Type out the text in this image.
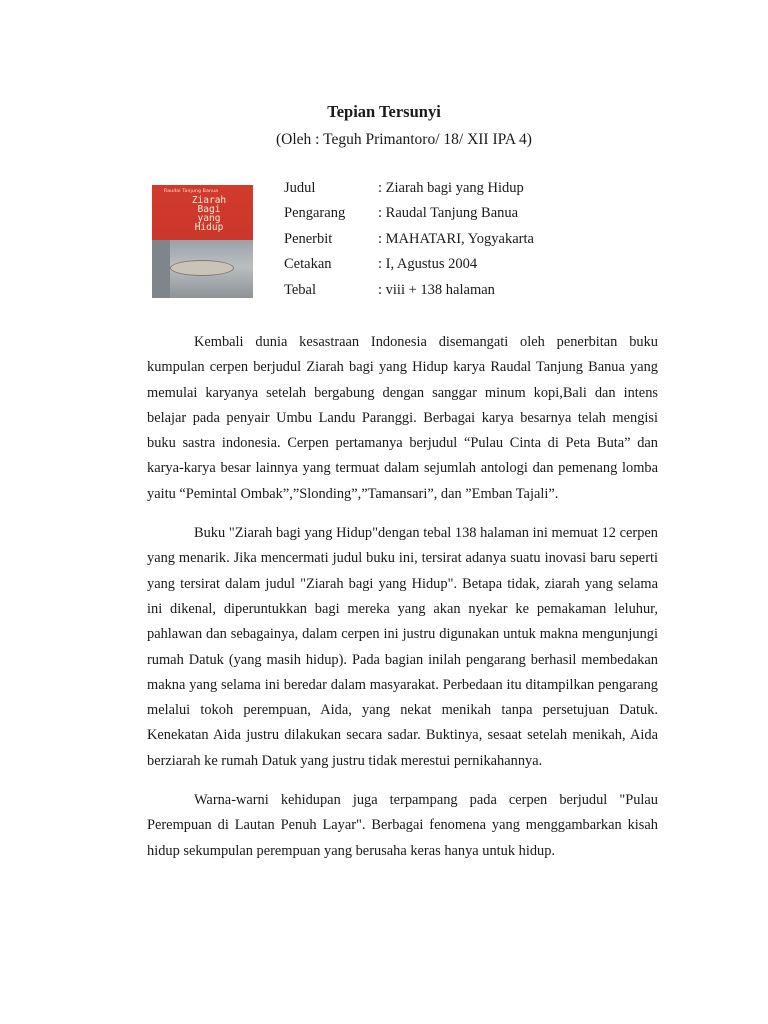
Tepian Tersunyi

(Oleh : Teguh Primantoro/ 18/ XII IPA 4)

Raudal Tanjung Banua
Ziarah
Bagi
yang
Hidup
Judul	: Ziarah bagi yang Hidup
Pengarang : Raudal Tanjung Banua
Penerbit	: MAHATARI, Yogyakarta
Cetakan	: I, Agustus 2004
Tebal	: viii + 138 halaman

Kembali dunia kesastraan Indonesia disemangati oleh penerbitan buku kumpulan cerpen berjudul Ziarah bagi yang Hidup karya Raudal Tanjung Banua yang memulai karyanya setelah bergabung dengan sanggar minum kopi,Bali dan intens belajar pada penyair Umbu Landu Paranggi. Berbagai karya besarnya telah mengisi buku sastra indonesia. Cerpen pertamanya berjudul “Pulau Cinta di Peta Buta” dan karya-karya besar lainnya yang termuat dalam sejumlah antologi dan pemenang lomba yaitu “Pemintal Ombak”,”Slonding”,”Tamansari”, dan ”Emban Tajali”.

Buku "Ziarah bagi yang Hidup"dengan tebal 138 halaman ini memuat 12 cerpen yang menarik. Jika mencermati judul buku ini, tersirat adanya suatu inovasi baru seperti yang tersirat dalam judul "Ziarah bagi yang Hidup". Betapa tidak, ziarah yang selama ini dikenal, diperuntukkan bagi mereka yang akan nyekar ke pemakaman leluhur, pahlawan dan sebagainya, dalam cerpen ini justru digunakan untuk makna mengunjungi rumah Datuk (yang masih hidup). Pada bagian inilah pengarang berhasil membedakan makna yang selama ini beredar dalam masyarakat. Perbedaan itu ditampilkan pengarang melalui tokoh perempuan, Aida, yang nekat menikah tanpa persetujuan Datuk. Kenekatan Aida justru dilakukan secara sadar. Buktinya, sesaat setelah menikah, Aida berziarah ke rumah Datuk yang justru tidak merestui pernikahannya.

Warna-warni kehidupan juga terpampang pada cerpen berjudul "Pulau Perempuan di Lautan Penuh Layar". Berbagai fenomena yang menggambarkan kisah hidup sekumpulan perempuan yang berusaha keras hanya untuk hidup.
